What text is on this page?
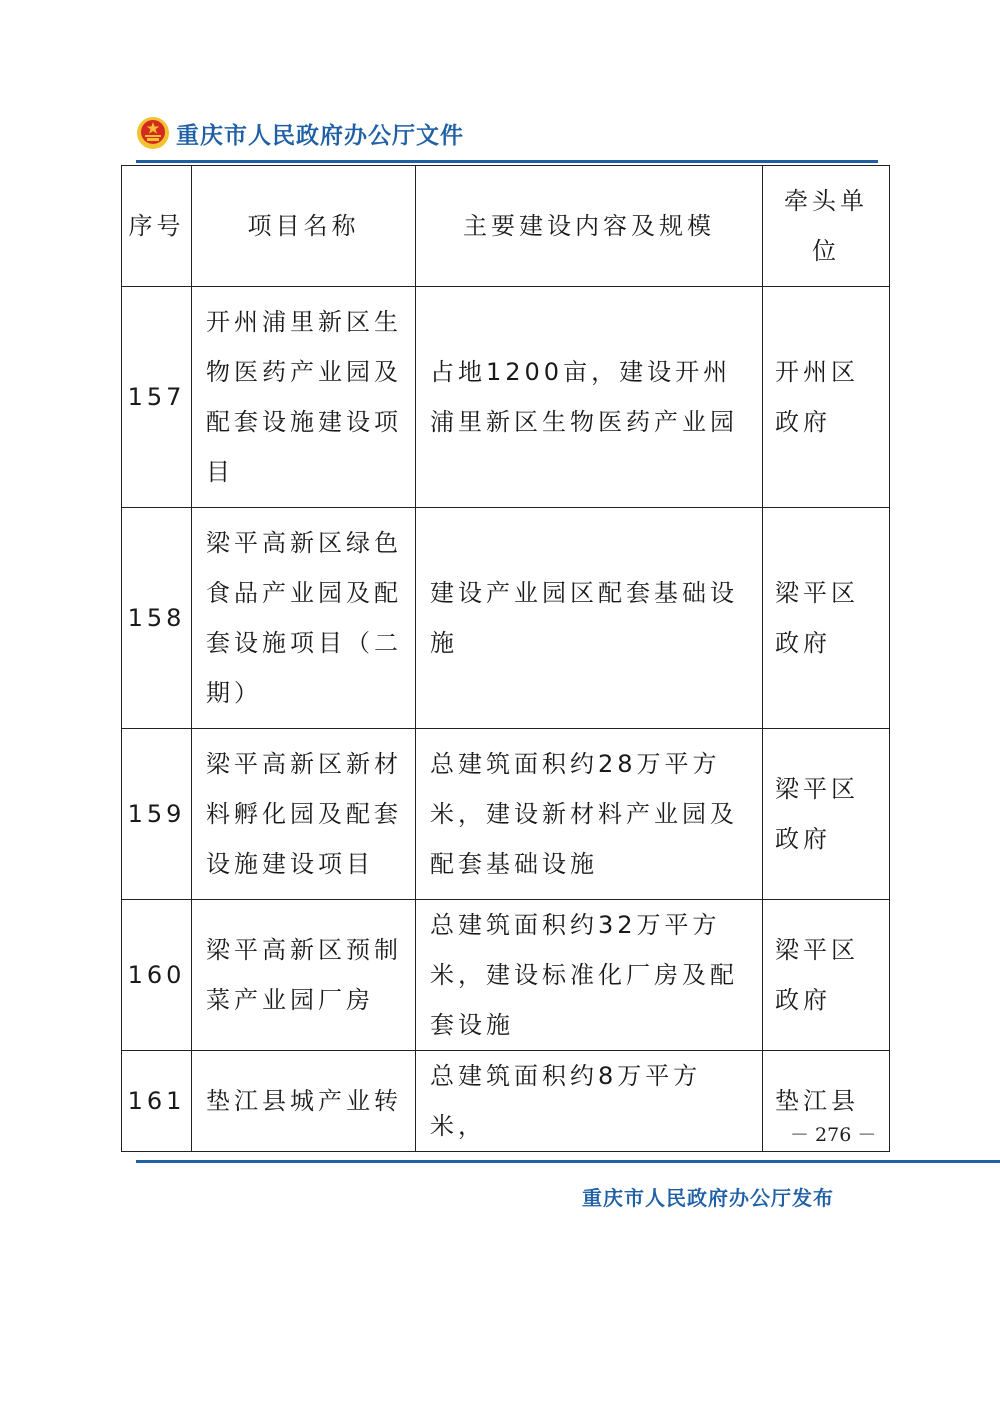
重庆市人民政府办公厅文件
序号	项目名称	主要建设内容及规模	牵头单
位

157	开州浦里新区生物医药产业园及配套设施建设项目	占地1200亩，建设开州浦里新区生物医药产业园	开州区
政府

158	梁平高新区绿色食品产业园及配套设施项目（二期）	建设产业园区配套基础设施	梁平区
政府

159	梁平高新区新材料孵化园及配套设施建设项目	总建筑面积约28万平方米，建设新材料产业园及配套基础设施	梁平区
政府

160	梁平高新区预制菜产业园厂房	总建筑面积约32万平方米，建设标准化厂房及配套设施	梁平区
政府

161	垫江县城产业转	总建筑面积约8万平方米，	垫江县
－ 276 －
重庆市人民政府办公厅发布
